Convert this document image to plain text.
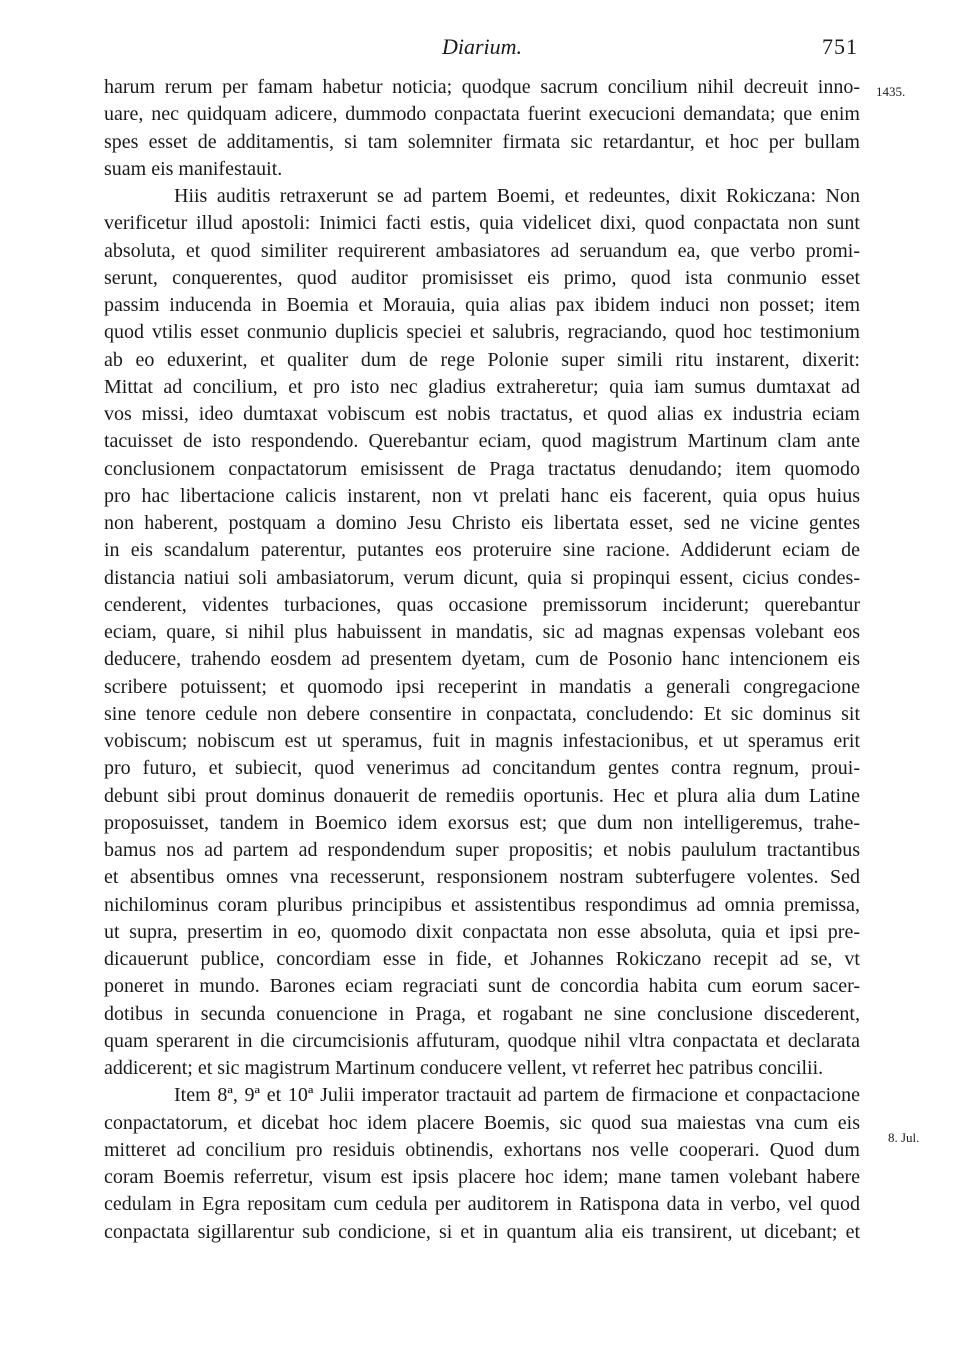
Diarium.	751
harum rerum per famam habetur noticia; quodque sacrum concilium nihil decreuit inno-
uare, nec quidquam adicere, dummodo conpactata fuerint execucioni demandata; que enim
spes esset de additamentis, si tam solemniter firmata sic retardantur, et hoc per bullam
suam eis manifestauit.
Hiis auditis retraxerunt se ad partem Boemi, et redeuntes, dixit Rokiczana: Non
verificetur illud apostoli: Inimici facti estis, quia videlicet dixi, quod conpactata non sunt
absoluta, et quod similiter requirerent ambasiatores ad seruandum ea, que verbo promi-
serunt, conquerentes, quod auditor promisisset eis primo, quod ista conmunio esset
passim inducenda in Boemia et Morauia, quia alias pax ibidem induci non posset; item
quod vtilis esset conmunio duplicis speciei et salubris, regraciando, quod hoc testimonium
ab eo eduxerint, et qualiter dum de rege Polonie super simili ritu instarent, dixerit:
Mittat ad concilium, et pro isto nec gladius extraheretur; quia iam sumus dumtaxat ad
vos missi, ideo dumtaxat vobiscum est nobis tractatus, et quod alias ex industria eciam
tacuisset de isto respondendo. Querebantur eciam, quod magistrum Martinum clam ante
conclusionem conpactatorum emisissent de Praga tractatus denudando; item quomodo
pro hac libertacione calicis instarent, non vt prelati hanc eis facerent, quia opus huius
non haberent, postquam a domino Jesu Christo eis libertata esset, sed ne vicine gentes
in eis scandalum paterentur, putantes eos proteruire sine racione. Addiderunt eciam de
distancia natiui soli ambasiatorum, verum dicunt, quia si propinqui essent, cicius condes-
cenderent, videntes turbaciones, quas occasione premissorum inciderunt; querebantur
eciam, quare, si nihil plus habuissent in mandatis, sic ad magnas expensas volebant eos
deducere, trahendo eosdem ad presentem dyetam, cum de Posonio hanc intencionem eis
scribere potuissent; et quomodo ipsi receperint in mandatis a generali congregacione
sine tenore cedule non debere consentire in conpactata, concludendo: Et sic dominus sit
vobiscum; nobiscum est ut speramus, fuit in magnis infestacionibus, et ut speramus erit
pro futuro, et subiecit, quod venerimus ad concitandum gentes contra regnum, proui-
debunt sibi prout dominus donauerit de remediis oportunis. Hec et plura alia dum Latine
proposuisset, tandem in Boemico idem exorsus est; que dum non intelligeremus, trahe-
bamus nos ad partem ad respondendum super propositis; et nobis paululum tractantibus
et absentibus omnes vna recesserunt, responsionem nostram subterfugere volentes. Sed
nichilominus coram pluribus principibus et assistentibus respondimus ad omnia premissa,
ut supra, presertim in eo, quomodo dixit conpactata non esse absoluta, quia et ipsi pre-
dicauerunt publice, concordiam esse in fide, et Johannes Rokiczano recepit ad se, vt
poneret in mundo. Barones eciam regraciati sunt de concordia habita cum eorum sacer-
dotibus in secunda conuencione in Praga, et rogabant ne sine conclusione discederent,
quam sperarent in die circumcisionis affuturam, quodque nihil vltra conpactata et declarata
addicerent; et sic magistrum Martinum conducere vellent, vt referret hec patribus concilii.
Item 8ª, 9ª et 10ª Julii imperator tractauit ad partem de firmacione et conpactacione
conpactatorum, et dicebat hoc idem placere Boemis, sic quod sua maiestas vna cum eis
mitteret ad concilium pro residuis obtinendis, exhortans nos velle cooperari. Quod dum
coram Boemis referretur, visum est ipsis placere hoc idem; mane tamen volebant habere
cedulam in Egra repositam cum cedula per auditorem in Ratispona data in verbo, vel quod
conpactata sigillarentur sub condicione, si et in quantum alia eis transirent, ut dicebant; et
1435.
8. Jul.
